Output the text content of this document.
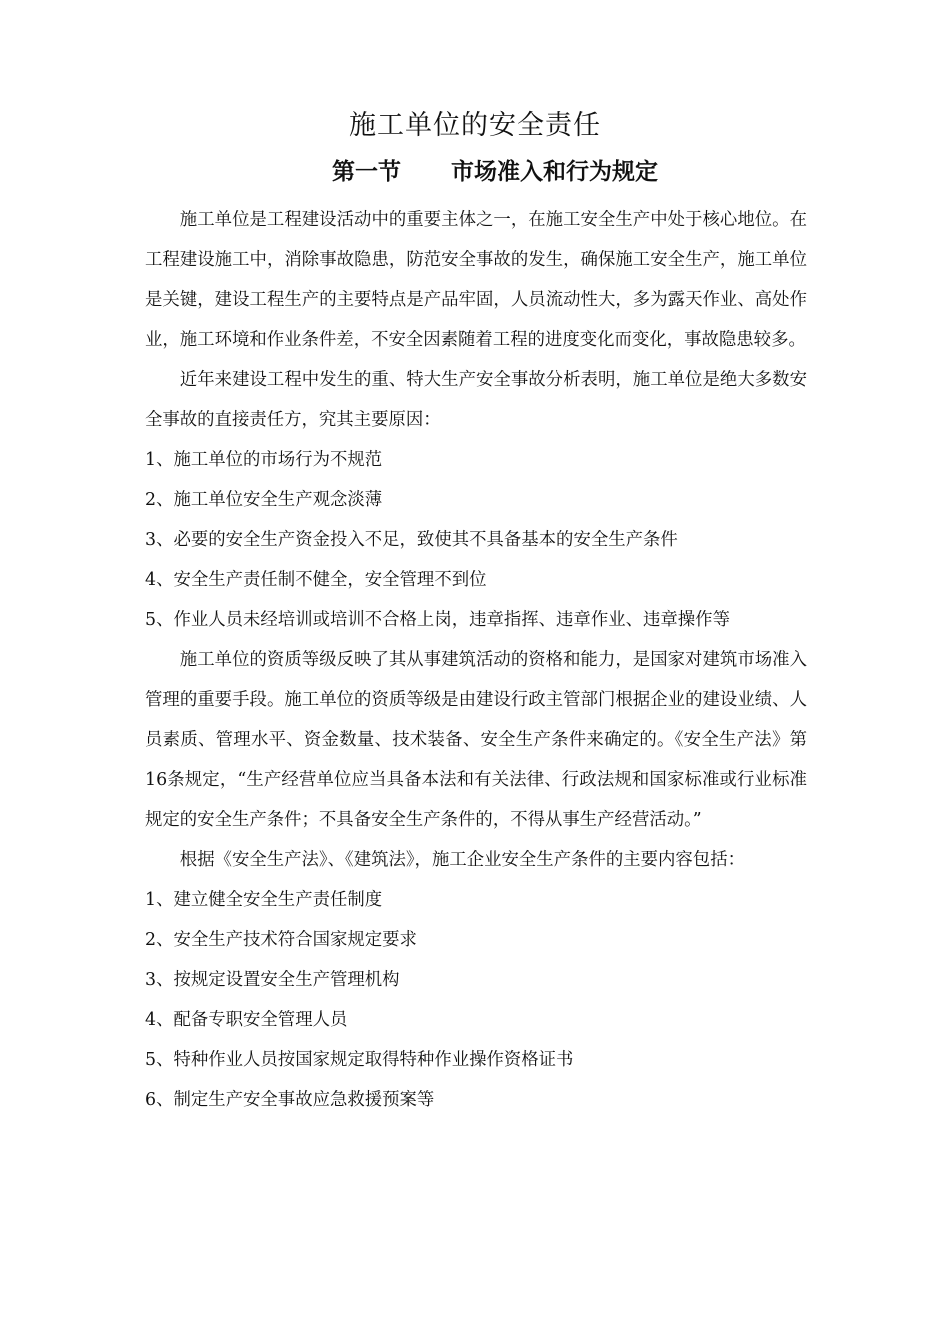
施工单位的安全责任
第一节 市场准入和行为规定

施工单位是工程建设活动中的重要主体之一，在施工安全生产中处于核心地位。在工程建设施工中，消除事故隐患，防范安全事故的发生，确保施工安全生产，施工单位是关键，建设工程生产的主要特点是产品牢固，人员流动性大，多为露天作业、高处作业，施工环境和作业条件差，不安全因素随着工程的进度变化而变化，事故隐患较多。

近年来建设工程中发生的重、特大生产安全事故分析表明，施工单位是绝大多数安全事故的直接责任方，究其主要原因：

1、施工单位的市场行为不规范

2、施工单位安全生产观念淡薄

3、必要的安全生产资金投入不足，致使其不具备基本的安全生产条件

4、安全生产责任制不健全，安全管理不到位

5、作业人员未经培训或培训不合格上岗，违章指挥、违章作业、违章操作等

施工单位的资质等级反映了其从事建筑活动的资格和能力，是国家对建筑市场准入管理的重要手段。施工单位的资质等级是由建设行政主管部门根据企业的建设业绩、人员素质、管理水平、资金数量、技术装备、安全生产条件来确定的。《安全生产法》第16条规定，“生产经营单位应当具备本法和有关法律、行政法规和国家标准或行业标准规定的安全生产条件；不具备安全生产条件的，不得从事生产经营活动。”

根据《安全生产法》、《建筑法》，施工企业安全生产条件的主要内容包括：

1、建立健全安全生产责任制度

2、安全生产技术符合国家规定要求

3、按规定设置安全生产管理机构

4、配备专职安全管理人员

5、特种作业人员按国家规定取得特种作业操作资格证书

6、制定生产安全事故应急救援预案等
